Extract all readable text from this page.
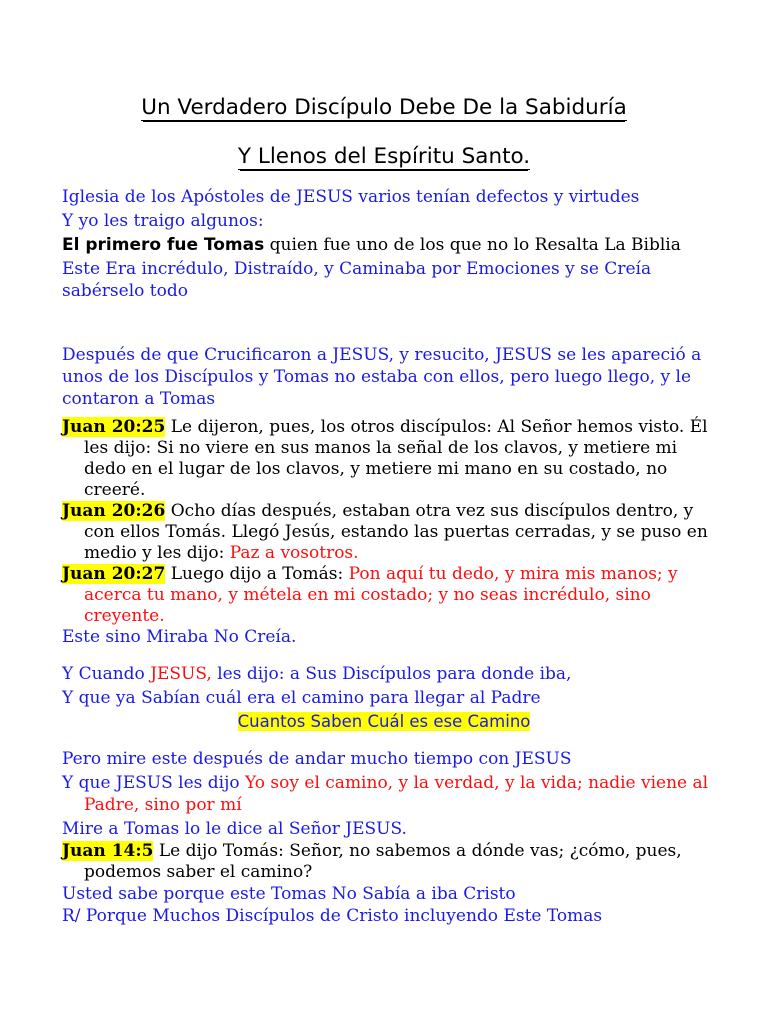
Un Verdadero Discípulo Debe De la Sabiduría
Y Llenos del Espíritu Santo.
Iglesia de los Apóstoles de JESUS varios tenían defectos y virtudes
Y yo les traigo algunos:
El primero fue Tomas quien fue uno de los que no lo Resalta La Biblia
Este Era incrédulo, Distraído, y Caminaba por Emociones y se Creía sabérselo todo
Después de que Crucificaron a JESUS, y resucito, JESUS se les apareció a unos de los Discípulos y Tomas no estaba con ellos, pero luego llego, y le contaron a Tomas
Juan 20:25 Le dijeron, pues, los otros discípulos: Al Señor hemos visto. Él les dijo: Si no viere en sus manos la señal de los clavos, y metiere mi dedo en el lugar de los clavos, y metiere mi mano en su costado, no creeré.
Juan 20:26 Ocho días después, estaban otra vez sus discípulos dentro, y con ellos Tomás. Llegó Jesús, estando las puertas cerradas, y se puso en medio y les dijo: Paz a vosotros.
Juan 20:27 Luego dijo a Tomás: Pon aquí tu dedo, y mira mis manos; y acerca tu mano, y métela en mi costado; y no seas incrédulo, sino creyente.
Este sino Miraba No Creía.
Y Cuando JESUS, les dijo: a Sus Discípulos para donde iba,
Y que ya Sabían cuál era el camino para llegar al Padre
Cuantos Saben Cuál es ese Camino
Pero mire este después de andar mucho tiempo con JESUS
Y que JESUS les dijo Yo soy el camino, y la verdad, y la vida; nadie viene al Padre, sino por mí
Mire a Tomas lo le dice al Señor JESUS.
Juan 14:5 Le dijo Tomás: Señor, no sabemos a dónde vas; ¿cómo, pues, podemos saber el camino?
Usted sabe porque este Tomas No Sabía a iba Cristo
R/ Porque Muchos Discípulos de Cristo incluyendo Este Tomas
